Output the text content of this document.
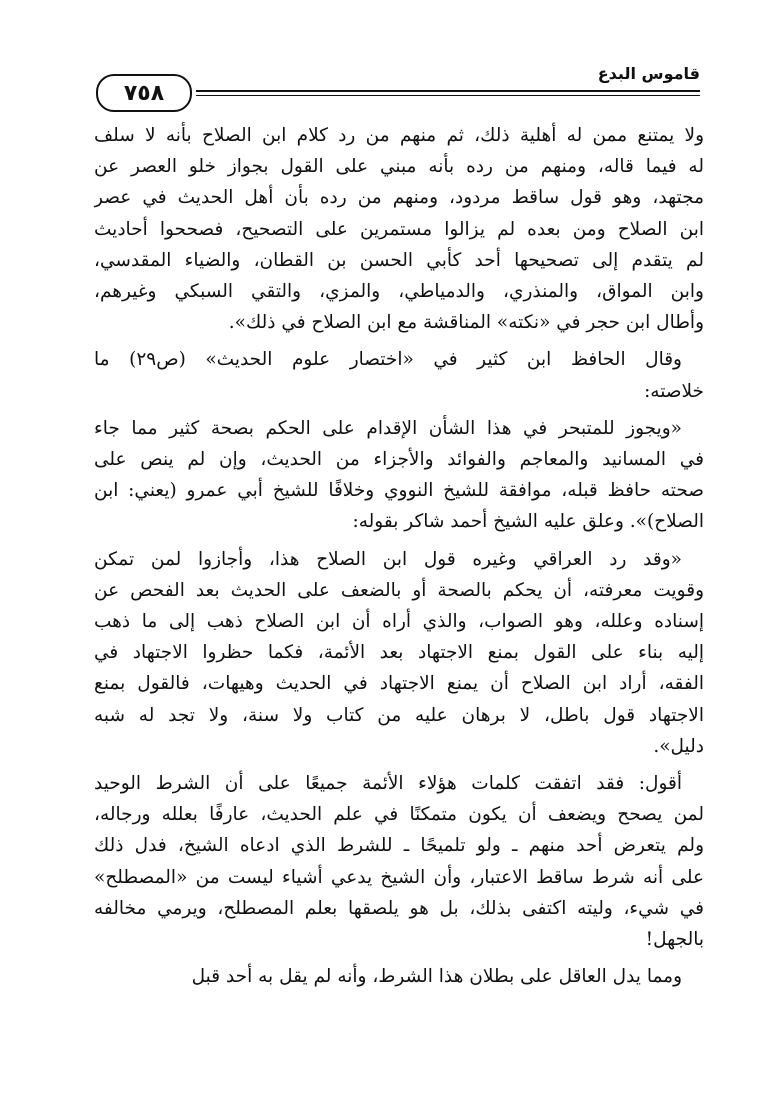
قاموس البدع
٧٥٨

ولا يمتنع ممن له أهلية ذلك، ثم منهم من رد كلام ابن الصلاح بأنه لا سلف
له فيما قاله، ومنهم من رده بأنه مبني على القول بجواز خلو العصر عن
مجتهد، وهو قول ساقط مردود، ومنهم من رده بأن أهل الحديث في عصر
ابن الصلاح ومن بعده لم يزالوا مستمرين على التصحيح، فصححوا أحاديث
لم يتقدم إلى تصحيحها أحد كأبي الحسن بن القطان، والضياء المقدسي،
وابن المواق، والمنذري، والدمياطي، والمزي، والتقي السبكي وغيرهم،
وأطال ابن حجر في «نكته» المناقشة مع ابن الصلاح في ذلك».

وقال الحافظ ابن كثير في «اختصار علوم الحديث» (ص٢٩) ما
خلاصته:

«ويجوز للمتبحر في هذا الشأن الإقدام على الحكم بصحة كثير مما جاء
في المسانيد والمعاجم والفوائد والأجزاء من الحديث، وإن لم ينص على
صحته حافظ قبله، موافقة للشيخ النووي وخلافًا للشيخ أبي عمرو (يعني: ابن
الصلاح)». وعلق عليه الشيخ أحمد شاكر بقوله:

«وقد رد العراقي وغيره قول ابن الصلاح هذا، وأجازوا لمن تمكن
وقويت معرفته، أن يحكم بالصحة أو بالضعف على الحديث بعد الفحص عن
إسناده وعلله، وهو الصواب، والذي أراه أن ابن الصلاح ذهب إلى ما ذهب
إليه بناء على القول بمنع الاجتهاد بعد الأئمة، فكما حظروا الاجتهاد في
الفقه، أراد ابن الصلاح أن يمنع الاجتهاد في الحديث وهيهات، فالقول بمنع
الاجتهاد قول باطل، لا برهان عليه من كتاب ولا سنة، ولا تجد له شبه
دليل».

أقول: فقد اتفقت كلمات هؤلاء الأئمة جميعًا على أن الشرط الوحيد
لمن يصحح ويضعف أن يكون متمكنًا في علم الحديث، عارفًا بعلله ورجاله،
ولم يتعرض أحد منهم ـ ولو تلميحًا ـ للشرط الذي ادعاه الشيخ، فدل ذلك
على أنه شرط ساقط الاعتبار، وأن الشيخ يدعي أشياء ليست من «المصطلح»
في شيء، وليته اكتفى بذلك، بل هو يلصقها بعلم المصطلح، ويرمي مخالفه
بالجهل!

ومما يدل العاقل على بطلان هذا الشرط، وأنه لم يقل به أحد قبل
